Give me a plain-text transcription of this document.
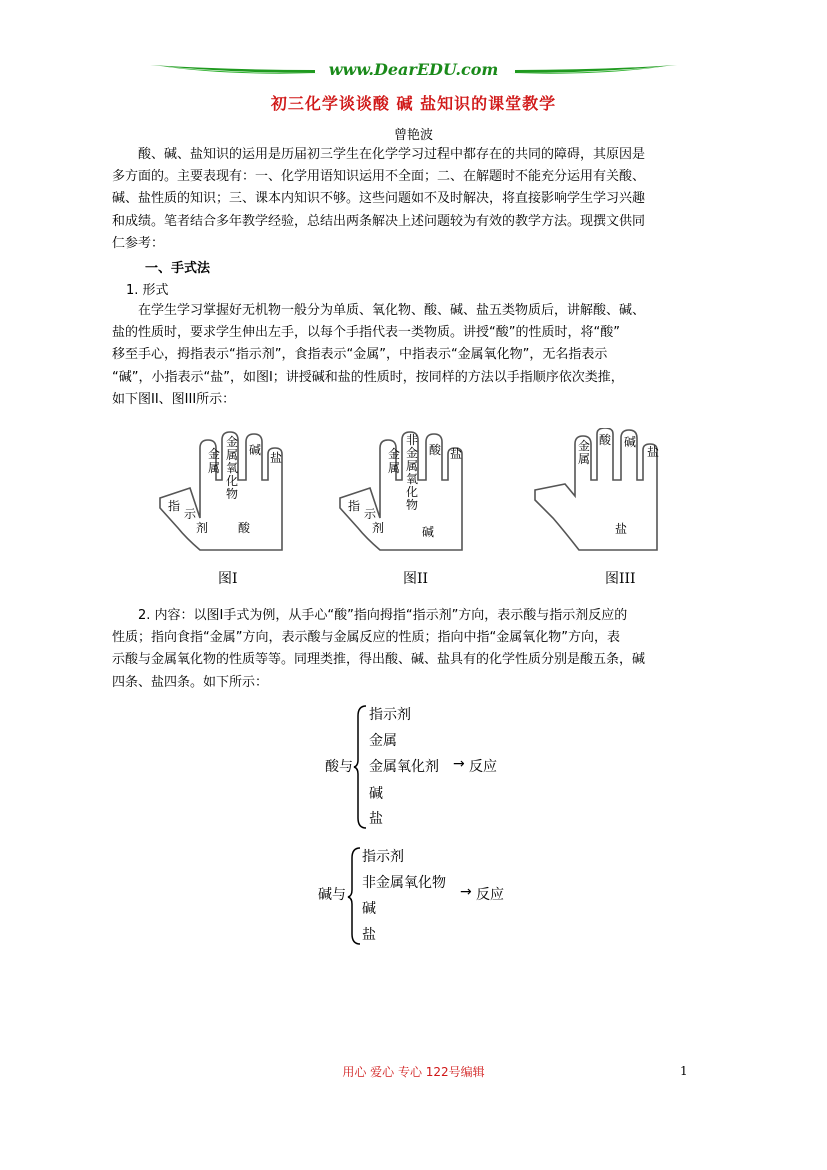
www.DearEDU.com
初三化学谈谈酸 碱 盐知识的课堂教学
曾艳波
酸、碱、盐知识的运用是历届初三学生在化学学习过程中都存在的共同的障碍，其原因是
多方面的。主要表现有：一、化学用语知识运用不全面；二、在解题时不能充分运用有关酸、
碱、盐性质的知识；三、课本内知识不够。这些问题如不及时解决，将直接影响学生学习兴趣
和成绩。笔者结合多年教学经验，总结出两条解决上述问题较为有效的教学方法。现撰文供同
仁参考：
一、手式法
1. 形式
在学生学习掌握好无机物一般分为单质、氧化物、酸、碱、盐五类物质后，讲解酸、碱、
盐的性质时，要求学生伸出左手，以每个手指代表一类物质。讲授“酸”的性质时，将“酸”
移至手心，拇指表示“指示剂”，食指表示“金属”，中指表示“金属氧化物”，无名指表示
“碱”，小指表示“盐”，如图I；讲授碱和盐的性质时，按同样的方法以手指顺序依次类推，
如下图II、图III所示：
金
属
金
属
氧
化
物
碱
盐
指
示
剂 酸
金
属
非
金
属
氧
化
物
酸 盐
指
示
剂	碱
金
属
酸 碱
盐
盐
图I	图II	图III
2. 内容：以图I手式为例，从手心“酸”指向拇指“指示剂”方向，表示酸与指示剂反应的
性质；指向食指“金属”方向，表示酸与金属反应的性质；指向中指“金属氧化物”方向，表
示酸与金属氧化物的性质等等。同理类推，得出酸、碱、盐具有的化学性质分别是酸五条，碱
四条、盐四条。如下所示：
酸与
指示剂
金属
金属氧化剂 → 反应
碱
盐
碱与
指示剂
非金属氧化物
→ 反应
碱
盐
用心 爱心 专心 122号编辑	1
